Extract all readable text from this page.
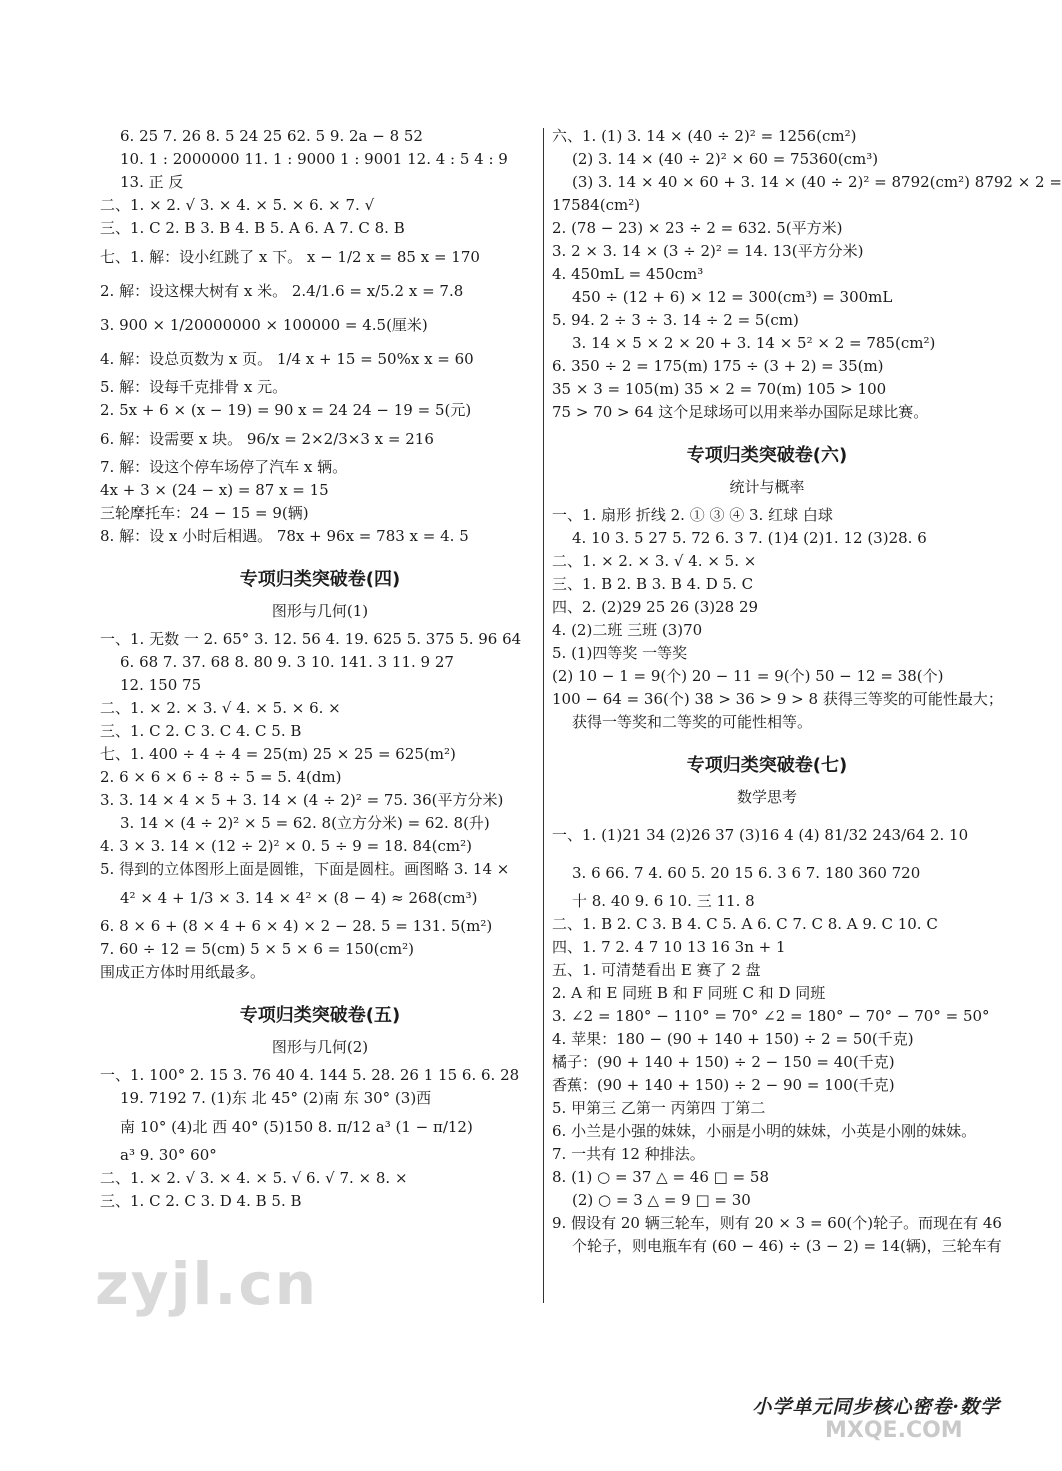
6. 25 7. 26 8. 5 24 25 62. 5 9. 2a − 8 52
10. 1 : 2000000 11. 1 : 9000 1 : 9001 12. 4 : 5 4 : 9
13. 正 反
二、1. × 2. √ 3. × 4. × 5. × 6. × 7. √
三、1. C 2. B 3. B 4. B 5. A 6. A 7. C 8. B
七、1. 解：设小红跳了 x 下。 x − 1/2 x = 85 x = 170
2. 解：设这棵大树有 x 米。 2.4/1.6 = x/5.2 x = 7.8
3. 900 × 1/20000000 × 100000 = 4.5(厘米)
4. 解：设总页数为 x 页。 1/4 x + 15 = 50%x x = 60
5. 解：设每千克排骨 x 元。
2. 5x + 6 × (x − 19) = 90 x = 24 24 − 19 = 5(元)
6. 解：设需要 x 块。 96/x = 2×2/3×3 x = 216
7. 解：设这个停车场停了汽车 x 辆。
4x + 3 × (24 − x) = 87 x = 15
三轮摩托车：24 − 15 = 9(辆)
8. 解：设 x 小时后相遇。 78x + 96x = 783 x = 4. 5
专项归类突破卷(四)
图形与几何(1)
一、1. 无数 一 2. 65° 3. 12. 56 4. 19. 625 5. 375 5. 96 64
6. 68 7. 37. 68 8. 80 9. 3 10. 141. 3 11. 9 27
12. 150 75
二、1. × 2. × 3. √ 4. × 5. × 6. ×
三、1. C 2. C 3. C 4. C 5. B
七、1. 400 ÷ 4 ÷ 4 = 25(m) 25 × 25 = 625(m²)
2. 6 × 6 × 6 ÷ 8 ÷ 5 = 5. 4(dm)
3. 3. 14 × 4 × 5 + 3. 14 × (4 ÷ 2)² = 75. 36(平方分米)
3. 14 × (4 ÷ 2)² × 5 = 62. 8(立方分米) = 62. 8(升)
4. 3 × 3. 14 × (12 ÷ 2)² × 0. 5 ÷ 9 = 18. 84(cm²)
5. 得到的立体图形上面是圆锥，下面是圆柱。画图略 3. 14 ×
4² × 4 + 1/3 × 3. 14 × 4² × (8 − 4) ≈ 268(cm³)
6. 8 × 6 + (8 × 4 + 6 × 4) × 2 − 28. 5 = 131. 5(m²)
7. 60 ÷ 12 = 5(cm) 5 × 5 × 6 = 150(cm²)
围成正方体时用纸最多。
专项归类突破卷(五)
图形与几何(2)
一、1. 100° 2. 15 3. 76 40 4. 144 5. 28. 26 1 15 6. 6. 28
19. 7192 7. (1)东 北 45° (2)南 东 30° (3)西
南 10° (4)北 西 40° (5)150 8. π/12 a³ (1 − π/12)
a³ 9. 30° 60°
二、1. × 2. √ 3. × 4. × 5. √ 6. √ 7. × 8. ×
三、1. C 2. C 3. D 4. B 5. B
六、1. (1) 3. 14 × (40 ÷ 2)² = 1256(cm²)
(2) 3. 14 × (40 ÷ 2)² × 60 = 75360(cm³)
(3) 3. 14 × 40 × 60 + 3. 14 × (40 ÷ 2)² = 8792(cm²) 8792 × 2 =
17584(cm²)
2. (78 − 23) × 23 ÷ 2 = 632. 5(平方米)
3. 2 × 3. 14 × (3 ÷ 2)² = 14. 13(平方分米)
4. 450mL = 450cm³
450 ÷ (12 + 6) × 12 = 300(cm³) = 300mL
5. 94. 2 ÷ 3 ÷ 3. 14 ÷ 2 = 5(cm)
3. 14 × 5 × 2 × 20 + 3. 14 × 5² × 2 = 785(cm²)
6. 350 ÷ 2 = 175(m) 175 ÷ (3 + 2) = 35(m)
35 × 3 = 105(m) 35 × 2 = 70(m) 105 > 100
75 > 70 > 64 这个足球场可以用来举办国际足球比赛。
专项归类突破卷(六)
统计与概率
一、1. 扇形 折线 2. ① ③ ④ 3. 红球 白球
4. 10 3. 5 27 5. 72 6. 3 7. (1)4 (2)1. 12 (3)28. 6
二、1. × 2. × 3. √ 4. × 5. ×
三、1. B 2. B 3. B 4. D 5. C
四、2. (2)29 25 26 (3)28 29
4. (2)二班 三班 (3)70
5. (1)四等奖 一等奖
(2) 10 − 1 = 9(个) 20 − 11 = 9(个) 50 − 12 = 38(个)
100 − 64 = 36(个) 38 > 36 > 9 > 8 获得三等奖的可能性最大；
获得一等奖和二等奖的可能性相等。
专项归类突破卷(七)
数学思考
一、1. (1)21 34 (2)26 37 (3)16 4 (4) 81/32 243/64 2. 10
3. 6 66. 7 4. 60 5. 20 15 6. 3 6 7. 180 360 720
十 8. 40 9. 6 10. 三 11. 8
二、1. B 2. C 3. B 4. C 5. A 6. C 7. C 8. A 9. C 10. C
四、1. 7 2. 4 7 10 13 16 3n + 1
五、1. 可清楚看出 E 赛了 2 盘
2. A 和 E 同班 B 和 F 同班 C 和 D 同班
3. ∠2 = 180° − 110° = 70° ∠2 = 180° − 70° − 70° = 50°
4. 苹果：180 − (90 + 140 + 150) ÷ 2 = 50(千克)
橘子：(90 + 140 + 150) ÷ 2 − 150 = 40(千克)
香蕉：(90 + 140 + 150) ÷ 2 − 90 = 100(千克)
5. 甲第三 乙第一 丙第四 丁第二
6. 小兰是小强的妹妹，小丽是小明的妹妹，小英是小刚的妹妹。
7. 一共有 12 种排法。
8. (1) ○ = 37 △ = 46 □ = 58
(2) ○ = 3 △ = 9 □ = 30
9. 假设有 20 辆三轮车，则有 20 × 3 = 60(个)轮子。而现在有 46
个轮子，则电瓶车有 (60 − 46) ÷ (3 − 2) = 14(辆)，三轮车有
zyjl.cn
小学单元同步核心密卷·数学
MXQE.COM
